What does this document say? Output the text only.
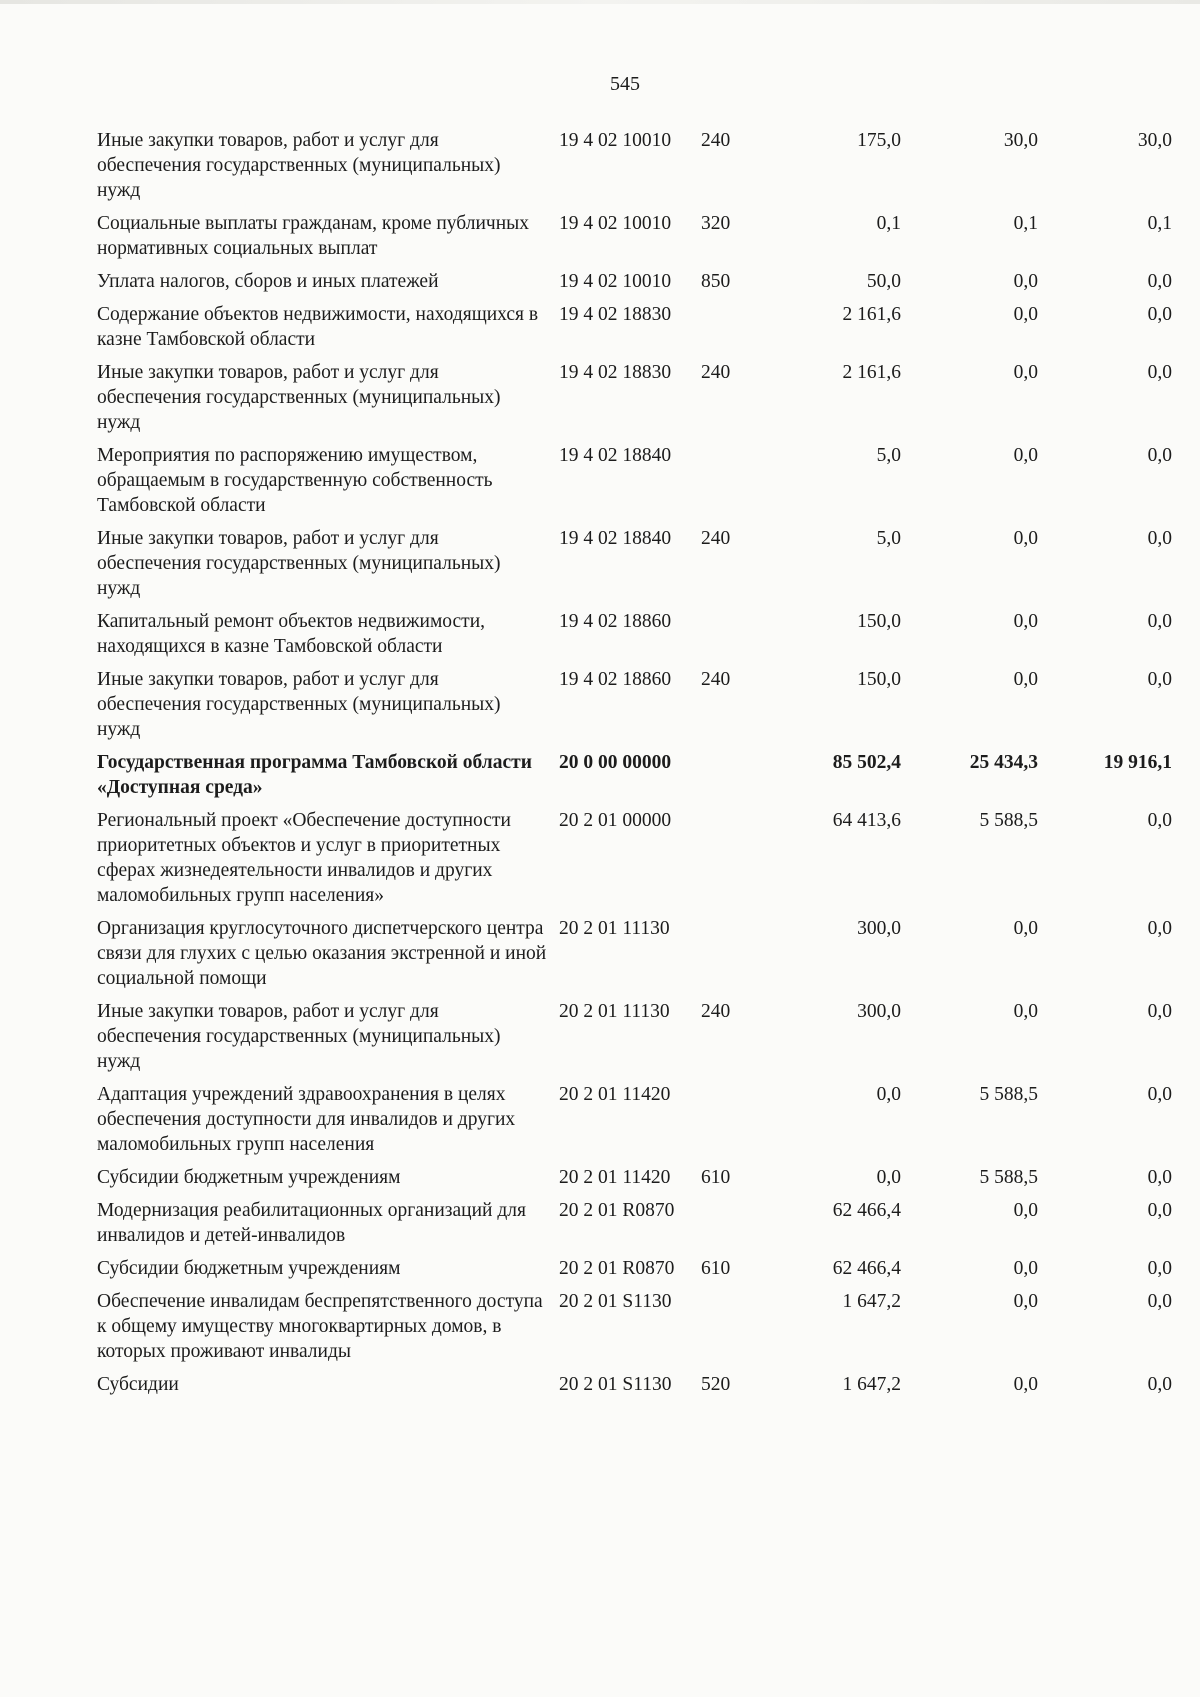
545
Иные закупки товаров, работ и услуг для обеспечения государственных (муниципальных) нужд	19 4 02 10010	240	175,0	30,0	30,0
Социальные выплаты гражданам, кроме публичных нормативных социальных выплат	19 4 02 10010	320	0,1	0,1	0,1
Уплата налогов, сборов и иных платежей	19 4 02 10010	850	50,0	0,0	0,0
Содержание объектов недвижимости, находящихся в казне Тамбовской области	19 4 02 18830		2 161,6	0,0	0,0
Иные закупки товаров, работ и услуг для обеспечения государственных (муниципальных) нужд	19 4 02 18830	240	2 161,6	0,0	0,0
Мероприятия по распоряжению имуществом, обращаемым в государственную собственность Тамбовской области	19 4 02 18840		5,0	0,0	0,0
Иные закупки товаров, работ и услуг для обеспечения государственных (муниципальных) нужд	19 4 02 18840	240	5,0	0,0	0,0
Капитальный ремонт объектов недвижимости, находящихся в казне Тамбовской области	19 4 02 18860		150,0	0,0	0,0
Иные закупки товаров, работ и услуг для обеспечения государственных (муниципальных) нужд	19 4 02 18860	240	150,0	0,0	0,0
Государственная программа Тамбовской области «Доступная среда»	20 0 00 00000		85 502,4	25 434,3	19 916,1
Региональный проект «Обеспечение доступности приоритетных объектов и услуг в приоритетных сферах жизнедеятельности инвалидов и других маломобильных групп населения»	20 2 01 00000		64 413,6	5 588,5	0,0
Организация круглосуточного диспетчерского центра связи для глухих с целью оказания экстренной и иной социальной помощи	20 2 01 11130		300,0	0,0	0,0
Иные закупки товаров, работ и услуг для обеспечения государственных (муниципальных) нужд	20 2 01 11130	240	300,0	0,0	0,0
Адаптация учреждений здравоохранения в целях обеспечения доступности для инвалидов и других маломобильных групп населения	20 2 01 11420		0,0	5 588,5	0,0
Субсидии бюджетным учреждениям	20 2 01 11420	610	0,0	5 588,5	0,0
Модернизация реабилитационных организаций для инвалидов и детей-инвалидов	20 2 01 R0870		62 466,4	0,0	0,0
Субсидии бюджетным учреждениям	20 2 01 R0870	610	62 466,4	0,0	0,0
Обеспечение инвалидам беспрепятственного доступа к общему имуществу многоквартирных домов, в которых проживают инвалиды	20 2 01 S1130		1 647,2	0,0	0,0
Субсидии	20 2 01 S1130	520	1 647,2	0,0	0,0
